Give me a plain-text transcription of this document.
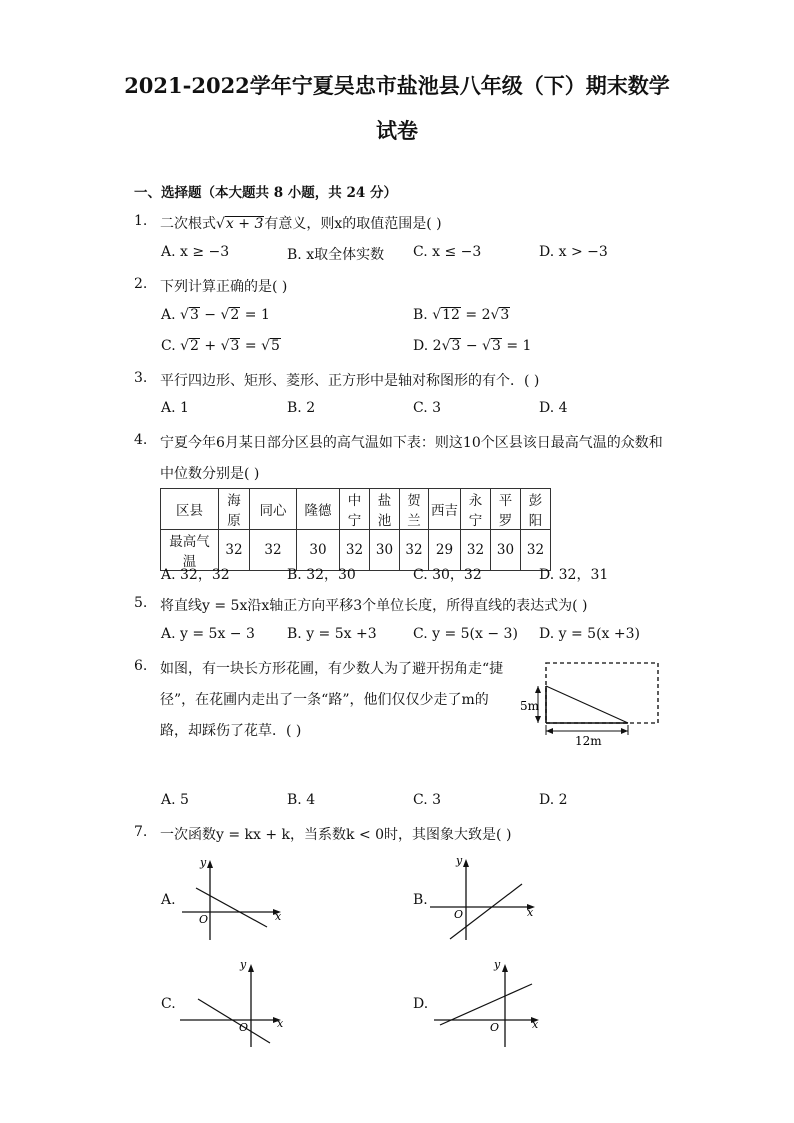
2021-2022学年宁夏吴忠市盐池县八年级（下）期末数学
试卷
一、选择题（本大题共 8 小题，共 24 分）
1. 二次根式√x + 3有意义，则x的取值范围是( )
A. x ≥ −3	B. x取全体实数 C. x ≤ −3	D. x > −3
2. 下列计算正确的是( )
A. √3 − √2 = 1	B. √12 = 2√3
C. √2 + √3 = √5	D. 2√3 − √3 = 1
3. 平行四边形、矩形、菱形、正方形中是轴对称图形的有个．( )
A. 1	B. 2	C. 3	D. 4
4. 宁夏今年6月某日部分区县的高气温如下表：则这10个区县该日最高气温的众数和
中位数分别是( )
区县	海原	同心	隆德	中宁	盐池	贺兰	西吉	永宁	平罗	彭阳
最高气温	32	32	30	32	30	32	29	32	30	32
A. 32，32	B. 32，30	C. 30，32	D. 32，31
5. 将直线y = 5x沿x轴正方向平移3个单位长度，所得直线的表达式为( )
A. y = 5x − 3 B. y = 5x +3	C. y = 5(x − 3) D. y = 5(x +3)
6. 如图，有一块长方形花圃，有少数人为了避开拐角走“捷
径”，在花圃内走出了一条“路”，他们仅仅少走了m的
路，却踩伤了花草．( )
5m
12m
A. 5	B. 4	C. 3	D. 2
7. 一次函数y = kx + k，当系数k < 0时，其图象大致是( )
A.
x
y
O
B.
x
y
O
C.
x
y
O
D.
x
y
O
